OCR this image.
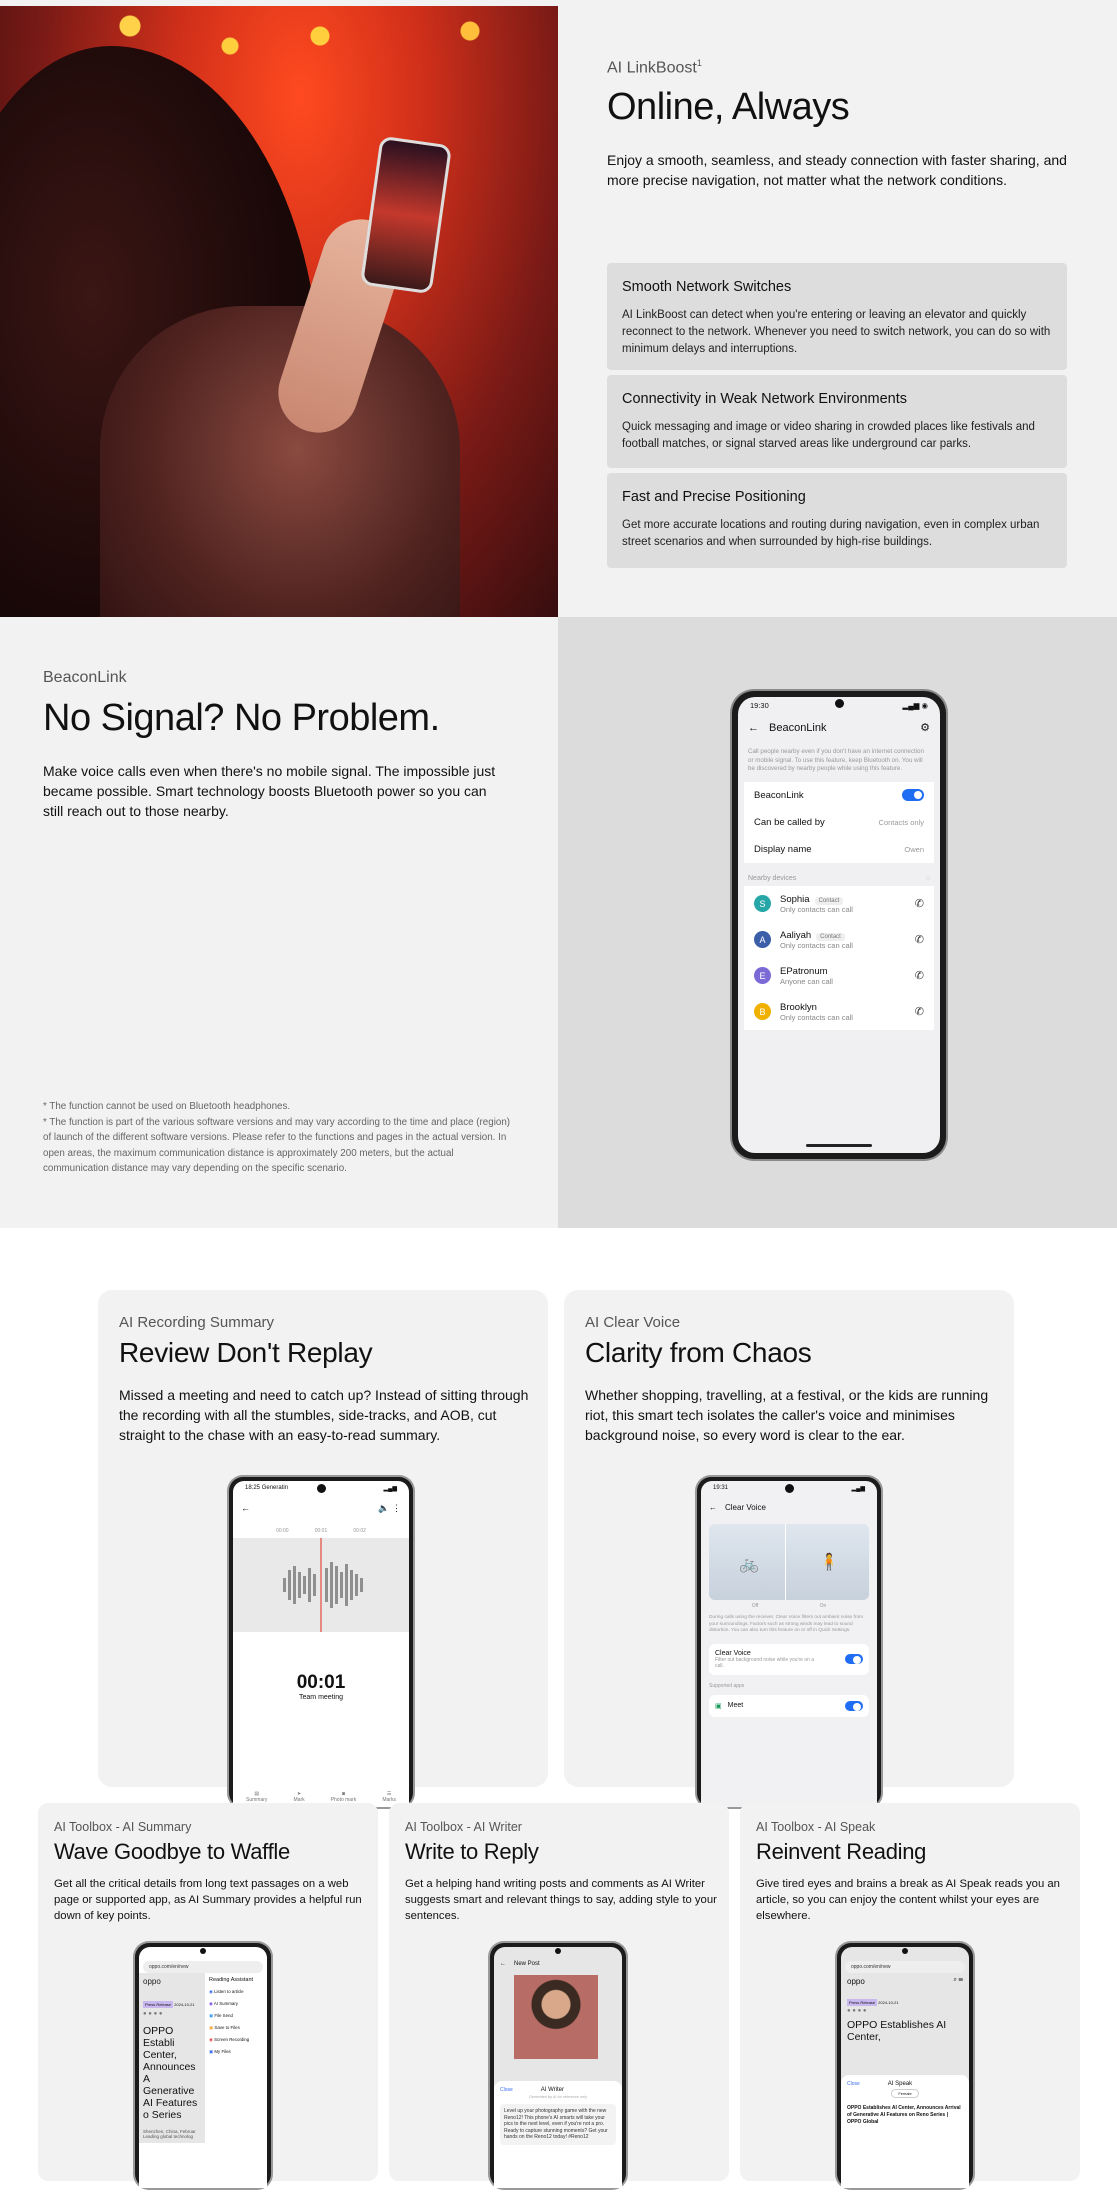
AI LinkBoost$^1$
Online, Always
Enjoy a smooth, seamless, and steady connection with faster sharing, and more precise navigation, not matter what the network conditions.
Smooth Network Switches

AI LinkBoost can detect when you're entering or leaving an elevator and quickly reconnect to the network. Whenever you need to switch network, you can do so with minimum delays and interruptions.

Connectivity in Weak Network Environments

Quick messaging and image or video sharing in crowded places like festivals and football matches, or signal starved areas like underground car parks.

Fast and Precise Positioning

Get more accurate locations and routing during navigation, even in complex urban street scenarios and when surrounded by high-rise buildings.

BeaconLink
No Signal? No Problem.
Make voice calls even when there's no mobile signal. The impossible just became possible. Smart technology boosts Bluetooth power so you can still reach out to those nearby.
* The function cannot be used on Bluetooth headphones.
* The function is part of the various software versions and may vary according to the time and place (region) of launch of the different software versions. Please refer to the functions and pages in the actual version. In open areas, the maximum communication distance is approximately 200 meters, but the actual communication distance may vary depending on the specific scenario.
19:30	▂▄▆ ◉
← BeaconLink	⚙
Call people nearby even if you don't have an internet connection or mobile signal. To use this feature, keep Bluetooth on. You will be discovered by nearby people while using this feature.
BeaconLink
Can be called by	Contacts only
Display name	Owen
Nearby devices	◌
S	Sophia Contact
Only contacts can call	✆
A	Aaliyah Contact
Only contacts can call	✆
E	EPatronum
Anyone can call	✆
B	Brooklyn
Only contacts can call	✆
AI Recording Summary
Review Don't Replay
Missed a meeting and need to catch up? Instead of sitting through the recording with all the stumbles, side-tracks, and AOB, cut straight to the chase with an easy-to-read summary.
18:25 Generatin	▂▄▆
←	🔈 ⋮
00:00	00:01	00:02
00:01
Team meeting
▤
Summary
➤
Mark
◙
Photo mark
☰
Marks
AI Clear Voice
Clarity from Chaos
Whether shopping, travelling, at a festival, or the kids are running riot, this smart tech isolates the caller's voice and minimises background noise, so every word is clear to the ear.
19:31	▂▄▆
← Clear Voice
🚲	🧍
Off	On
During calls using the receiver, Clear Voice filters out ambient noise from your surroundings. Factors such as strong winds may lead to sound distortion. You can also turn this feature on or off in Quick Settings.
Clear Voice
Filter out background noise while you're on a call.
Supported apps
▣ Meet
AI Toolbox - AI Summary
Wave Goodbye to Waffle
Get all the critical details from long text passages on a web page or supported app, as AI Summary provides a helpful run down of key points.
oppo.com/en/new
oppo
Press Release 2024-10-21
● ● ● ●
OPPO Establi Center, Announces A Generative AI Features o Series
Shenzhen, China, Februar Leading global technolog
Reading Assistant
◉ Listen to article
◉ AI Summary
▣ File Send
▣ Save to Files
◉ Screen Recording
▣ My Files
AI Toolbox - AI Writer
Write to Reply
Get a helping hand writing posts and comments as AI Writer suggests smart and relevant things to say, adding style to your sentences.
← New Post
Close	AI Writer
Generated by AI for reference only
Level up your photography game with the new Reno12! This phone's AI smarts will take your pics to the next level, even if you're not a pro. Ready to capture stunning moments? Get your hands on the Reno12 today! #Reno12
AI Toolbox - AI Speak
Reinvent Reading
Give tired eyes and brains a break as AI Speak reads you an article, so you can enjoy the content whilst your eyes are elsewhere.
oppo.com/en/new
oppo	⌕ ☰
Press Release 2024-10-21
● ● ● ●
OPPO Establishes AI Center,
Close	AI Speak
Female
OPPO Establishes AI Center, Announces Arrival of Generative AI Features on Reno Series | OPPO Global
